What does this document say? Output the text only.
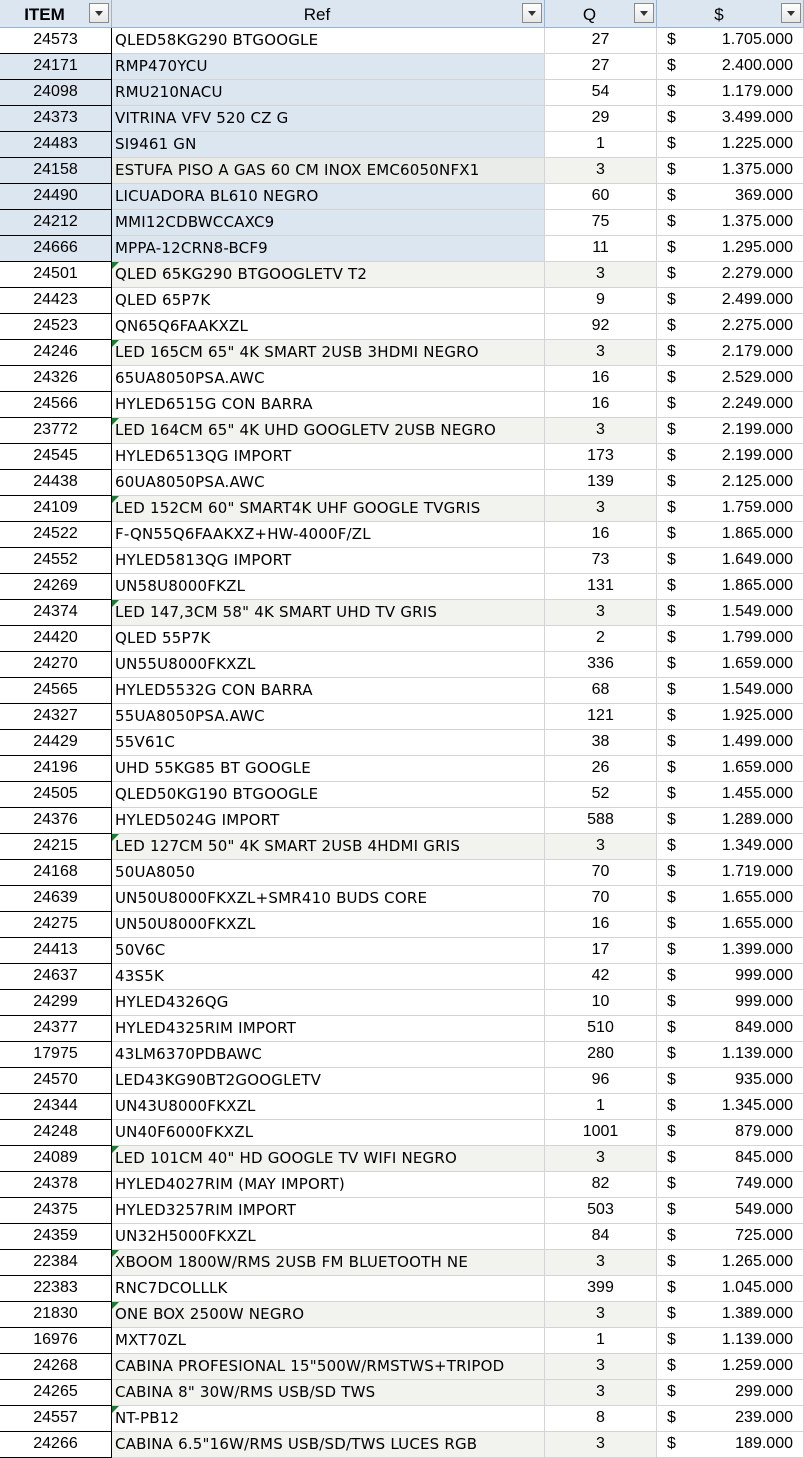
ITEM	Ref	Q	$
24573	QLED58KG290 BTGOOGLE	27	$	1.705.000
24171	RMP470YCU	27	$	2.400.000
24098	RMU210NACU	54	$	1.179.000
24373	VITRINA VFV 520 CZ G	29	$	3.499.000
24483	SI9461 GN	1	$	1.225.000
24158	ESTUFA PISO A GAS 60 CM INOX EMC6050NFX1	3	$	1.375.000
24490	LICUADORA BL610 NEGRO	60	$	369.000
24212	MMI12CDBWCCAXC9	75	$	1.375.000
24666	MPPA-12CRN8-BCF9	11	$	1.295.000
24501	QLED 65KG290 BTGOOGLETV T2	3	$	2.279.000
24423	QLED 65P7K	9	$	2.499.000
24523	QN65Q6FAAKXZL	92	$	2.275.000
24246	LED 165CM 65" 4K SMART 2USB 3HDMI NEGRO	3	$	2.179.000
24326	65UA8050PSA.AWC	16	$	2.529.000
24566	HYLED6515G CON BARRA	16	$	2.249.000
23772	LED 164CM 65" 4K UHD GOOGLETV 2USB NEGRO	3	$	2.199.000
24545	HYLED6513QG IMPORT	173	$	2.199.000
24438	60UA8050PSA.AWC	139	$	2.125.000
24109	LED 152CM 60" SMART4K UHF GOOGLE TVGRIS	3	$	1.759.000
24522	F-QN55Q6FAAKXZ+HW-4000F/ZL	16	$	1.865.000
24552	HYLED5813QG IMPORT	73	$	1.649.000
24269	UN58U8000FKZL	131	$	1.865.000
24374	LED 147,3CM 58" 4K SMART UHD TV GRIS	3	$	1.549.000
24420	QLED 55P7K	2	$	1.799.000
24270	UN55U8000FKXZL	336	$	1.659.000
24565	HYLED5532G CON BARRA	68	$	1.549.000
24327	55UA8050PSA.AWC	121	$	1.925.000
24429	55V61C	38	$	1.499.000
24196	UHD 55KG85 BT GOOGLE	26	$	1.659.000
24505	QLED50KG190 BTGOOGLE	52	$	1.455.000
24376	HYLED5024G IMPORT	588	$	1.289.000
24215	LED 127CM 50" 4K SMART 2USB 4HDMI GRIS	3	$	1.349.000
24168	50UA8050	70	$	1.719.000
24639	UN50U8000FKXZL+SMR410 BUDS CORE	70	$	1.655.000
24275	UN50U8000FKXZL	16	$	1.655.000
24413	50V6C	17	$	1.399.000
24637	43S5K	42	$	999.000
24299	HYLED4326QG	10	$	999.000
24377	HYLED4325RIM IMPORT	510	$	849.000
17975	43LM6370PDBAWC	280	$	1.139.000
24570	LED43KG90BT2GOOGLETV	96	$	935.000
24344	UN43U8000FKXZL	1	$	1.345.000
24248	UN40F6000FKXZL	1001	$	879.000
24089	LED 101CM 40" HD GOOGLE TV WIFI NEGRO	3	$	845.000
24378	HYLED4027RIM (MAY IMPORT)	82	$	749.000
24375	HYLED3257RIM IMPORT	503	$	549.000
24359	UN32H5000FKXZL	84	$	725.000
22384	XBOOM 1800W/RMS 2USB FM BLUETOOTH NE	3	$	1.265.000
22383	RNC7DCOLLLK	399	$	1.045.000
21830	ONE BOX 2500W NEGRO	3	$	1.389.000
16976	MXT70ZL	1	$	1.139.000
24268	CABINA PROFESIONAL 15"500W/RMSTWS+TRIPOD	3	$	1.259.000
24265	CABINA 8" 30W/RMS USB/SD TWS	3	$	299.000
24557	NT-PB12	8	$	239.000
24266	CABINA 6.5"16W/RMS USB/SD/TWS LUCES RGB	3	$	189.000
